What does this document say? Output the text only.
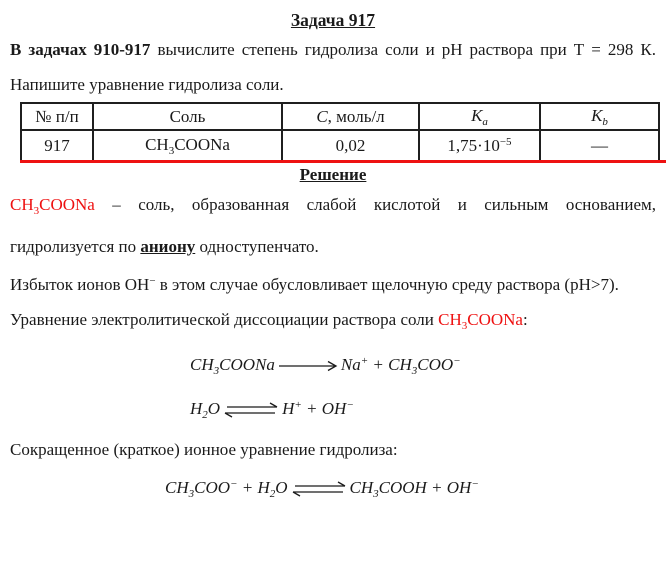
Задача 917

В задачах 910-917 вычислите степень гидролиза соли и pH раствора при Т = 298 К. Напишите уравнение гидролиза соли.

№ п/п	Соль	С, моль/л	$K_a$	$K_b$
917	$CH_3COONa$	0,02	$1,75\cdot 10^{-5}$	—
Решение

$CH_3COONa$ – соль, образованная слабой кислотой и сильным основанием, гидролизуется по аниону одноступенчато.

Избыток ионов ОН− в этом случае обусловливает щелочную среду раствора (рН>7).

Уравнение электролитической диссоциации раствора соли $CH_3COONa$:

$CH_3COONa$	$Na^+ + CH_3COO^-$
$H_2O$ ⇌ H+ + OH−

Сокращенное (краткое) ионное уравнение гидролиза:

$CH_3COO^- + H_2O$ ⇌ $CH_3COOH + OH^-$
